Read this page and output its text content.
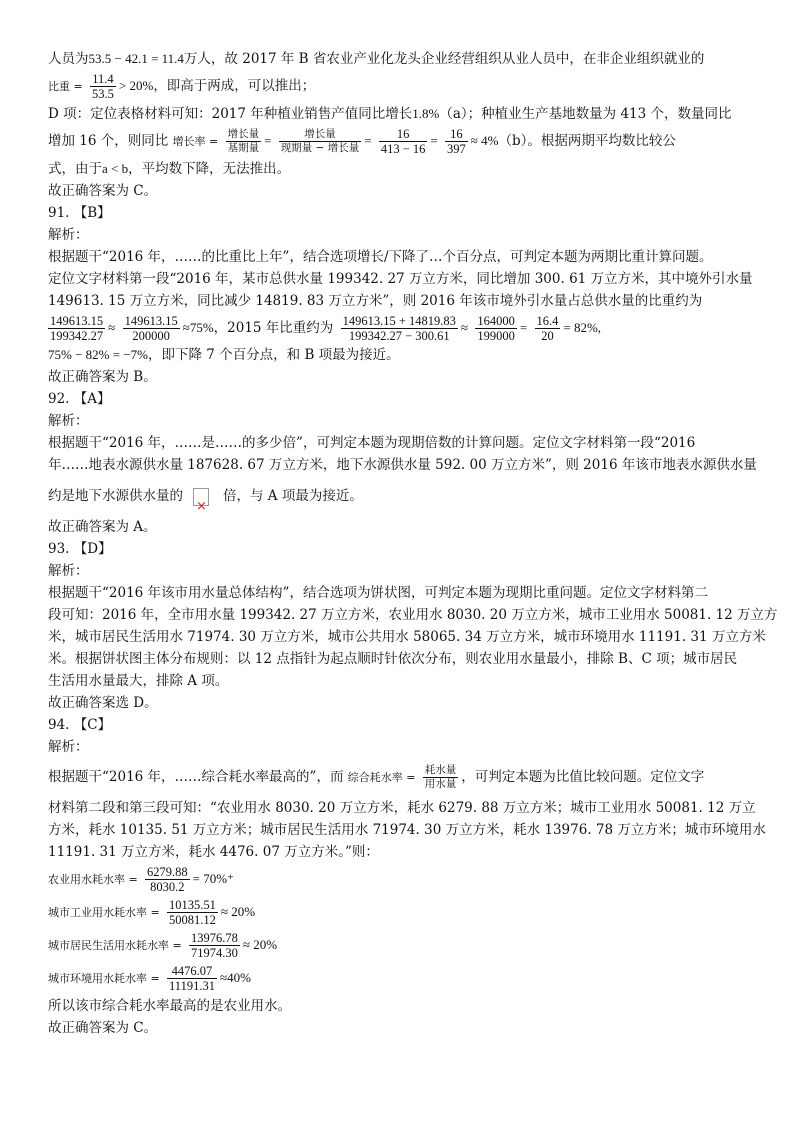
人员为53.5 − 42.1 = 11.4万人，故 2017 年 B 省农业产业化龙头企业经营组织从业人员中，在非企业组织就业的
比重 = $\frac{11.4}{53.5} > 20\%$，即高于两成，可以推出；
D 项：定位表格材料可知：2017 年种植业销售产值同比增长1.8%（a）；种植业生产基地数量为 413 个，数量同比
增加 16 个，则同比 增长率 = $\frac{\text{增长量}}{\text{基期量}} = \frac{\text{增长量}}{\text{现期量 − 增长量}} = \frac{16}{413 - 16} = \frac{16}{397} \approx 4\%(b)$。根据两期平均数比较公
式，由于a < b，平均数下降，无法推出。
故正确答案为 C。
91. 【B】
解析：
根据题干“2016 年，……的比重比上年”，结合选项增长/下降了…个百分点，可判定本题为两期比重计算问题。
定位文字材料第一段“2016 年，某市总供水量 199342. 27 万立方米，同比增加 300. 61 万立方米，其中境外引水量
149613. 15 万立方米，同比减少 14819. 83 万立方米”，则 2016 年该市境外引水量占总供水量的比重约为
$\frac{149613.15}{199342.27} \approx \frac{149613.15}{200000} \approx 75\%$，2015 年比重约为 $\frac{149613.15 + 14819.83}{199342.27 - 300.61} \approx \frac{164000}{199000} = \frac{16.4}{20} = 82\%$,
75% − 82% = −7%，即下降 7 个百分点，和 B 项最为接近。
故正确答案为 B。
92. 【A】
解析：
根据题干“2016 年，……是……的多少倍”，可判定本题为现期倍数的计算问题。定位文字材料第一段“2016
年……地表水源供水量 187628. 67 万立方米，地下水源供水量 592. 00 万立方米”，则 2016 年该市地表水源供水量
约是地下水源供水量的×	倍，与 A 项最为接近。
故正确答案为 A。
93. 【D】
解析：
根据题干“2016 年该市用水量总体结构”，结合选项为饼状图，可判定本题为现期比重问题。定位文字材料第二
段可知：2016 年，全市用水量 199342. 27 万立方米，农业用水 8030. 20 万立方米，城市工业用水 50081. 12 万立方
米，城市居民生活用水 71974. 30 万立方米，城市公共用水 58065. 34 万立方米，城市环境用水 11191. 31 万立方米
米。根据饼状图主体分布规则：以 12 点指针为起点顺时针依次分布，则农业用水量最小，排除 B、C 项；城市居民
生活用水量最大，排除 A 项。
故正确答案选 D。
94. 【C】
解析：
根据题干“2016 年，……综合耗水率最高的”，而 综合耗水率 = $\frac{\text{耗水量}}{\text{用水量}}$ ，可判定本题为比值比较问题。定位文字
材料第二段和第三段可知：“农业用水 8030. 20 万立方米，耗水 6279. 88 万立方米；城市工业用水 50081. 12 万立
方米，耗水 10135. 51 万立方米；城市居民生活用水 71974. 30 万立方米，耗水 13976. 78 万立方米；城市环境用水
11191. 31 万立方米，耗水 4476. 07 万立方米。”则：
农业用水耗水率 = $\frac{6279.88}{8030.2} = 70\%^+$
城市工业用水耗水率 = $\frac{10135.51}{50081.12} \approx 20\%$
城市居民生活用水耗水率 = $\frac{13976.78}{71974.30} \approx 20\%$
城市环境用水耗水率 = $\frac{4476.07}{11191.31} \approx 40\%$
所以该市综合耗水率最高的是农业用水。
故正确答案为 C。
